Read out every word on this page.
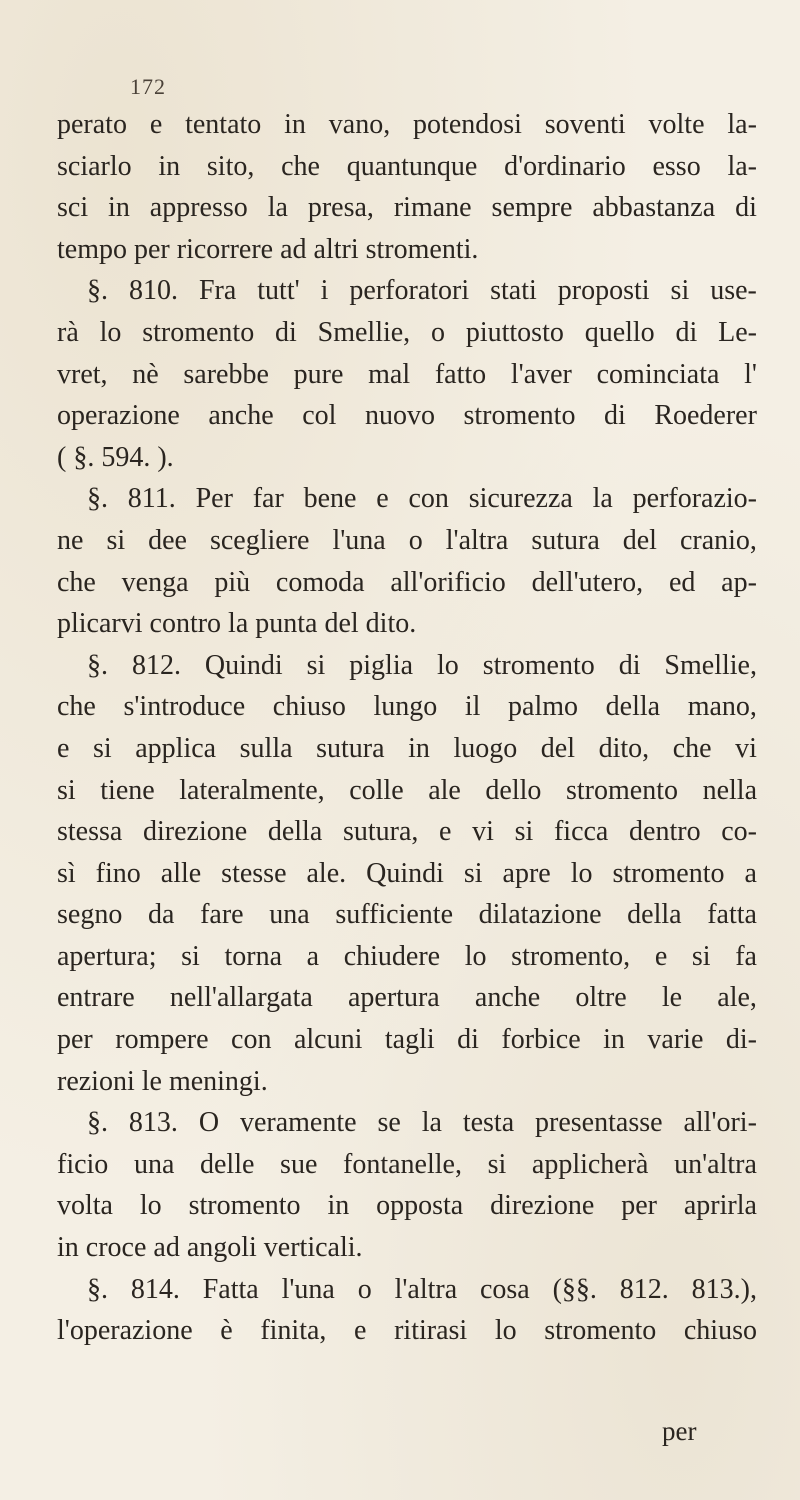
172
perato e tentato in vano, potendosi soventi volte la-
sciarlo in sito, che quantunque d'ordinario esso la-
sci in appresso la presa, rimane sempre abbastanza di
tempo per ricorrere ad altri stromenti.
§. 810. Fra tutt' i perforatori stati proposti si use-
rà lo stromento di Smellie, o piuttosto quello di Le-
vret, nè sarebbe pure mal fatto l'aver cominciata l'
operazione anche col nuovo stromento di Roederer
( §. 594. ).
§. 811. Per far bene e con sicurezza la perforazio-
ne si dee scegliere l'una o l'altra sutura del cranio,
che venga più comoda all'orificio dell'utero, ed ap-
plicarvi contro la punta del dito.
§. 812. Quindi si piglia lo stromento di Smellie,
che s'introduce chiuso lungo il palmo della mano,
e si applica sulla sutura in luogo del dito, che vi
si tiene lateralmente, colle ale dello stromento nella
stessa direzione della sutura, e vi si ficca dentro co-
sì fino alle stesse ale. Quindi si apre lo stromento a
segno da fare una sufficiente dilatazione della fatta
apertura; si torna a chiudere lo stromento, e si fa
entrare nell'allargata apertura anche oltre le ale,
per rompere con alcuni tagli di forbice in varie di-
rezioni le meningi.
§. 813. O veramente se la testa presentasse all'ori-
ficio una delle sue fontanelle, si applicherà un'altra
volta lo stromento in opposta direzione per aprirla
in croce ad angoli verticali.
§. 814. Fatta l'una o l'altra cosa (§§. 812. 813.),
l'operazione è finita, e ritirasi lo stromento chiuso
per
